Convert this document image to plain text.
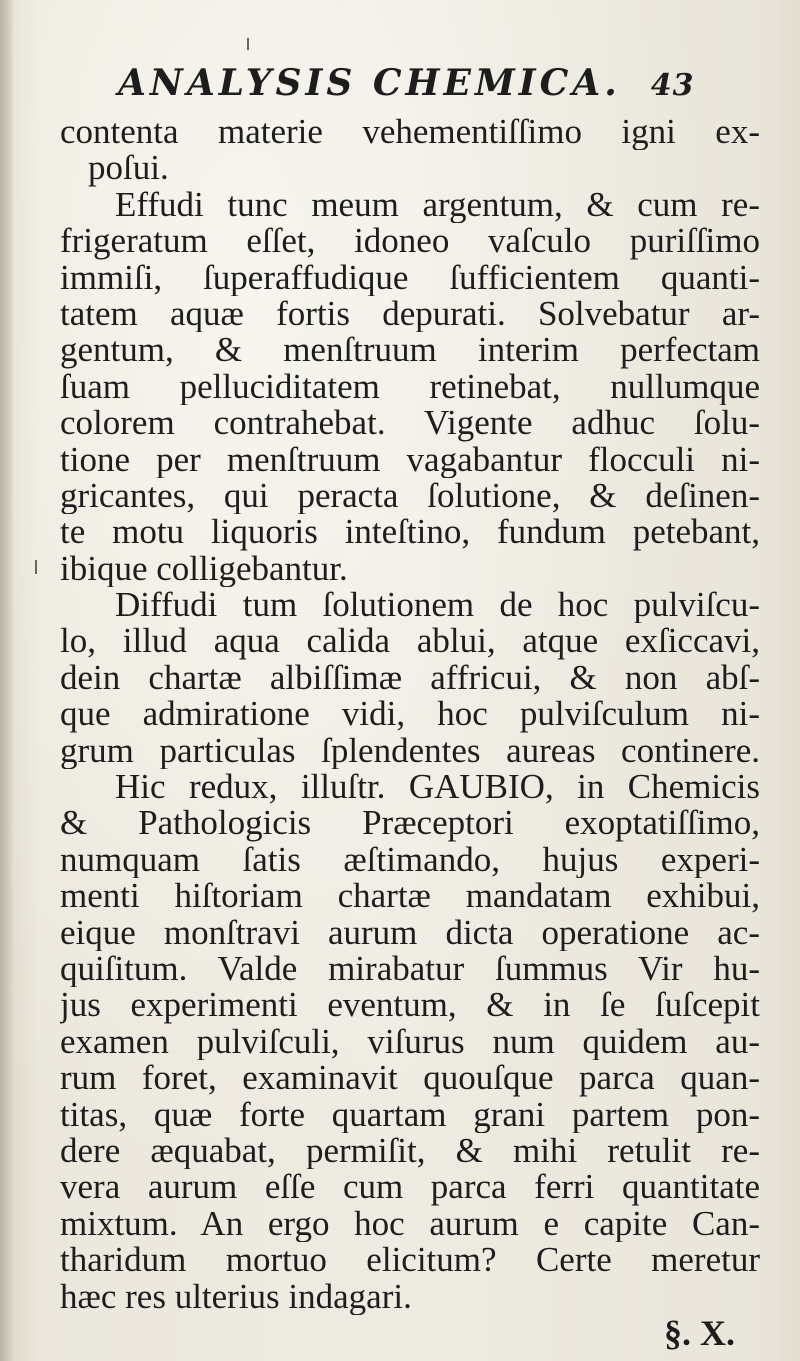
ANALYSIS CHEMICA. 43
contenta materie vehementiſſimo igni ex-
poſui.
Effudi tunc meum argentum, & cum re-
frigeratum eſſet, idoneo vaſculo puriſſimo
immiſi, ſuperaffudique ſufficientem quanti-
tatem aquæ fortis depurati. Solvebatur ar-
gentum, & menſtruum interim perfectam
ſuam pelluciditatem retinebat, nullumque
colorem contrahebat. Vigente adhuc ſolu-
tione per menſtruum vagabantur flocculi ni-
gricantes, qui peracta ſolutione, & deſinen-
te motu liquoris inteſtino, fundum petebant,
ibique colligebantur.
Diffudi tum ſolutionem de hoc pulviſcu-
lo, illud aqua calida ablui, atque exſiccavi,
dein chartæ albiſſimæ affricui, & non abſ-
que admiratione vidi, hoc pulviſculum ni-
grum particulas ſplendentes aureas continere.
Hic redux, illuſtr. GAUBIO, in Chemicis
& Pathologicis Præceptori exoptatiſſimo,
numquam ſatis æſtimando, hujus experi-
menti hiſtoriam chartæ mandatam exhibui,
eique monſtravi aurum dicta operatione ac-
quiſitum. Valde mirabatur ſummus Vir hu-
jus experimenti eventum, & in ſe ſuſcepit
examen pulviſculi, viſurus num quidem au-
rum foret, examinavit quouſque parca quan-
titas, quæ forte quartam grani partem pon-
dere æquabat, permiſit, & mihi retulit re-
vera aurum eſſe cum parca ferri quantitate
mixtum. An ergo hoc aurum e capite Can-
tharidum mortuo elicitum? Certe meretur
hæc res ulterius indagari.
§. X.
